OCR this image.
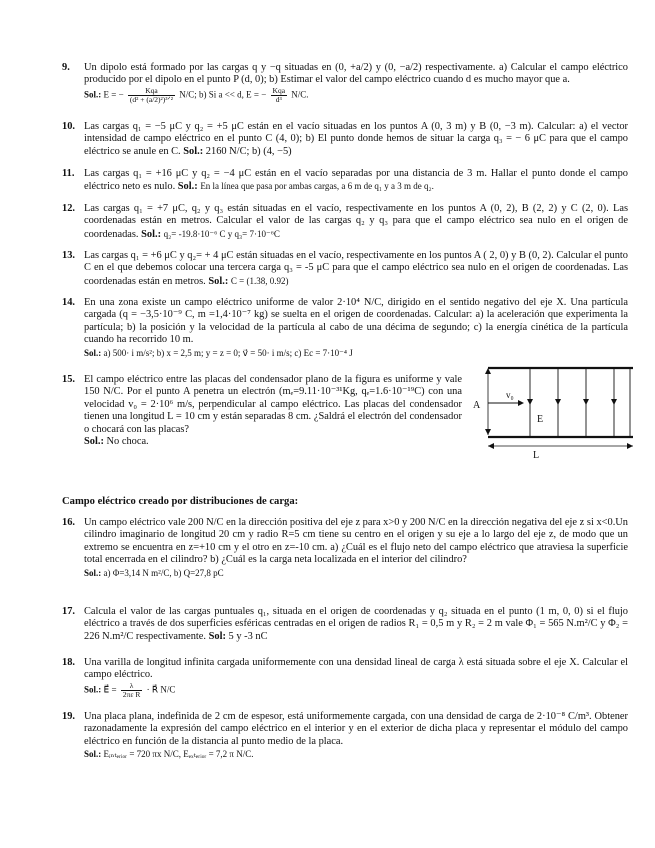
9. Un dipolo está formado por las cargas q y −q situadas en (0, +a/2) y (0, −a/2) respectivamente. a) Calcular el campo eléctrico producido por el dipolo en el punto P (d, 0); b) Estimar el valor del campo eléctrico cuando d es mucho mayor que a.

Sol.: E = − $\frac{\text{Kqa}}{\text{(d² + (a/2)²)³ᐟ²}} N/C$; b) Si a << d, E = − $\frac{\text{Kqa}}{\text{d³}} N/C$.

10. Las cargas q₁ = −5 μC y q₂ = +5 μC están en el vacío situadas en los puntos A (0, 3 m) y B (0, −3 m). Calcular: a) el vector intensidad de campo eléctrico en el punto C (4, 0); b) El punto donde hemos de situar la carga q₃ = − 6 μC para que el campo eléctrico se anule en C. Sol.: 2160 N/C; b) (4, −5)

11. Las cargas q₁ = +16 μC y q₂ = −4 μC están en el vacío separadas por una distancia de 3 m. Hallar el punto donde el campo eléctrico neto es nulo. Sol.: En la línea que pasa por ambas cargas, a 6 m de q₁ y a 3 m de q₂.

12. Las cargas q₁ = +7 μC, q₂ y q₃ están situadas en el vacío, respectivamente en los puntos A (0, 2), B (2, 2) y C (2, 0). Las coordenadas están en metros. Calcular el valor de las cargas q₂ y q₃ para que el campo eléctrico sea nulo en el origen de coordenadas. Sol.: q₂= -19.8·10⁻⁶ C y q₃= 7·10⁻⁶C

13. Las cargas q₁ = +6 μC y q₂= + 4 μC están situadas en el vacío, respectivamente en los puntos A ( 2, 0) y B (0, 2). Calcular el punto C en el que debemos colocar una tercera carga q₃ = -5 μC para que el campo eléctrico sea nulo en el origen de coordenadas. Las coordenadas están en metros. Sol.: C = (1.38, 0.92)

14. En una zona existe un campo eléctrico uniforme de valor 2·10⁴ N/C, dirigido en el sentido negativo del eje X. Una partícula cargada (q = −3,5·10⁻⁹ C, m =1,4·10⁻⁷ kg) se suelta en el origen de coordenadas. Calcular: a) la aceleración que experimenta la partícula; b) la posición y la velocidad de la partícula al cabo de una décima de segundo; c) la energía cinética de la partícula cuando ha recorrido 10 m.

Sol.: a) 500· i m/s²; b) x = 2,5 m; y = z = 0; v⃗ = 50· i m/s; c) Ec = 7·10⁻⁴ J

15. El campo eléctrico entre las placas del condensador plano de la figura es uniforme y vale 150 N/C. Por el punto A penetra un electrón (mₑ=9.11·10⁻³¹Kg, qₑ=1.6·10⁻¹⁹C) con una velocidad v₀ = 2·10⁶ m/s, perpendicular al campo eléctrico. Las placas del condensador tienen una longitud L = 10 cm y están separadas 8 cm. ¿Saldrá el electrón del condensador o chocará con las placas?

Sol.: No choca.

A
v₀
E
L
Campo eléctrico creado por distribuciones de carga:
16. Un campo eléctrico vale 200 N/C en la dirección positiva del eje z para x>0 y 200 N/C en la dirección negativa del eje z si x<0.Un cilindro imaginario de longitud 20 cm y radio R=5 cm tiene su centro en el origen y su eje a lo largo del eje z, de modo que un extremo se encuentra en z=+10 cm y el otro en z=-10 cm. a) ¿Cuál es el flujo neto del campo eléctrico que atraviesa la superficie total encerrada en el cilindro? b) ¿Cuál es la carga neta localizada en el interior del cilindro?

Sol.: a) Φ=3,14 N m²/C, b) Q=27,8 pC

17. Calcula el valor de las cargas puntuales q₁, situada en el origen de coordenadas y q₂ situada en el punto (1 m, 0, 0) si el flujo eléctrico a través de dos superficies esféricas centradas en el origen de radios R₁ = 0,5 m y R₂ = 2 m vale Φ₁ = 565 N.m²/C y Φ₂ = 226 N.m²/C respectivamente. Sol: 5 y -3 nC

18. Una varilla de longitud infinita cargada uniformemente con una densidad lineal de carga λ está situada sobre el eje X. Calcular el campo eléctrico.

Sol.: E⃗ = $\frac{\lambda}{\text{2πε R}}$ · R⃗ N/C

19. Una placa plana, indefinida de 2 cm de espesor, está uniformemente cargada, con una densidad de carga de 2·10⁻⁸ C/m³. Obtener razonadamente la expresión del campo eléctrico en el interior y en el exterior de dicha placa y representar el módulo del campo eléctrico en función de la distancia al punto medio de la placa.

Sol.: Eᵢₙₜₑᵣᵢₒᵣ = 720 πx N/C, Eₑₓₜₑᵣᵢₒᵣ = 7,2 π N/C.
